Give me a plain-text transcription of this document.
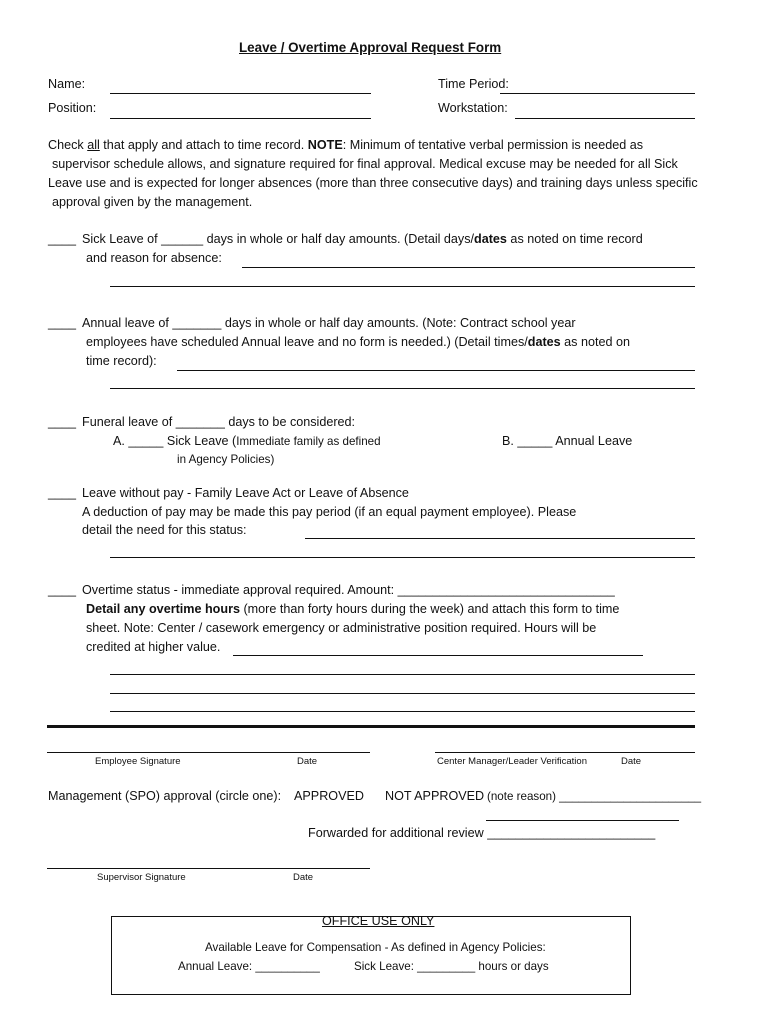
Leave / Overtime Approval Request Form
Name:
Position:
Time Period:
Workstation:
Check all that apply and attach to time record. NOTE: Minimum of tentative verbal permission is needed as
supervisor schedule allows, and signature required for final approval. Medical excuse may be needed for all Sick
Leave use and is expected for longer absences (more than three consecutive days) and training days unless specific
approval given by the management.
____ Sick Leave of ______ days in whole or half day amounts. (Detail days/dates as noted on time record
and reason for absence:
____ Annual leave of _______ days in whole or half day amounts. (Note: Contract school year
employees have scheduled Annual leave and no form is needed.) (Detail times/dates as noted on
time record):
____ Funeral leave of _______ days to be considered:
A. _____ Sick Leave (Immediate family as defined
in Agency Policies)
B. _____ Annual Leave
____ Leave without pay - Family Leave Act or Leave of Absence
A deduction of pay may be made this pay period (if an equal payment employee). Please
detail the need for this status:
____ Overtime status - immediate approval required. Amount: _______________________________
Detail any overtime hours (more than forty hours during the week) and attach this form to time
sheet. Note: Center / casework emergency or administrative position required. Hours will be
credited at higher value.
Employee Signature	Date	Center Manager/Leader Verification	Date
Management (SPO) approval (circle one): APPROVED NOT APPROVED (note reason) ______________________
Forwarded for additional review ________________________
Supervisor Signature	Date
OFFICE USE ONLY
Available Leave for Compensation - As defined in Agency Policies:
Annual Leave: __________	Sick Leave: _________ hours or days
